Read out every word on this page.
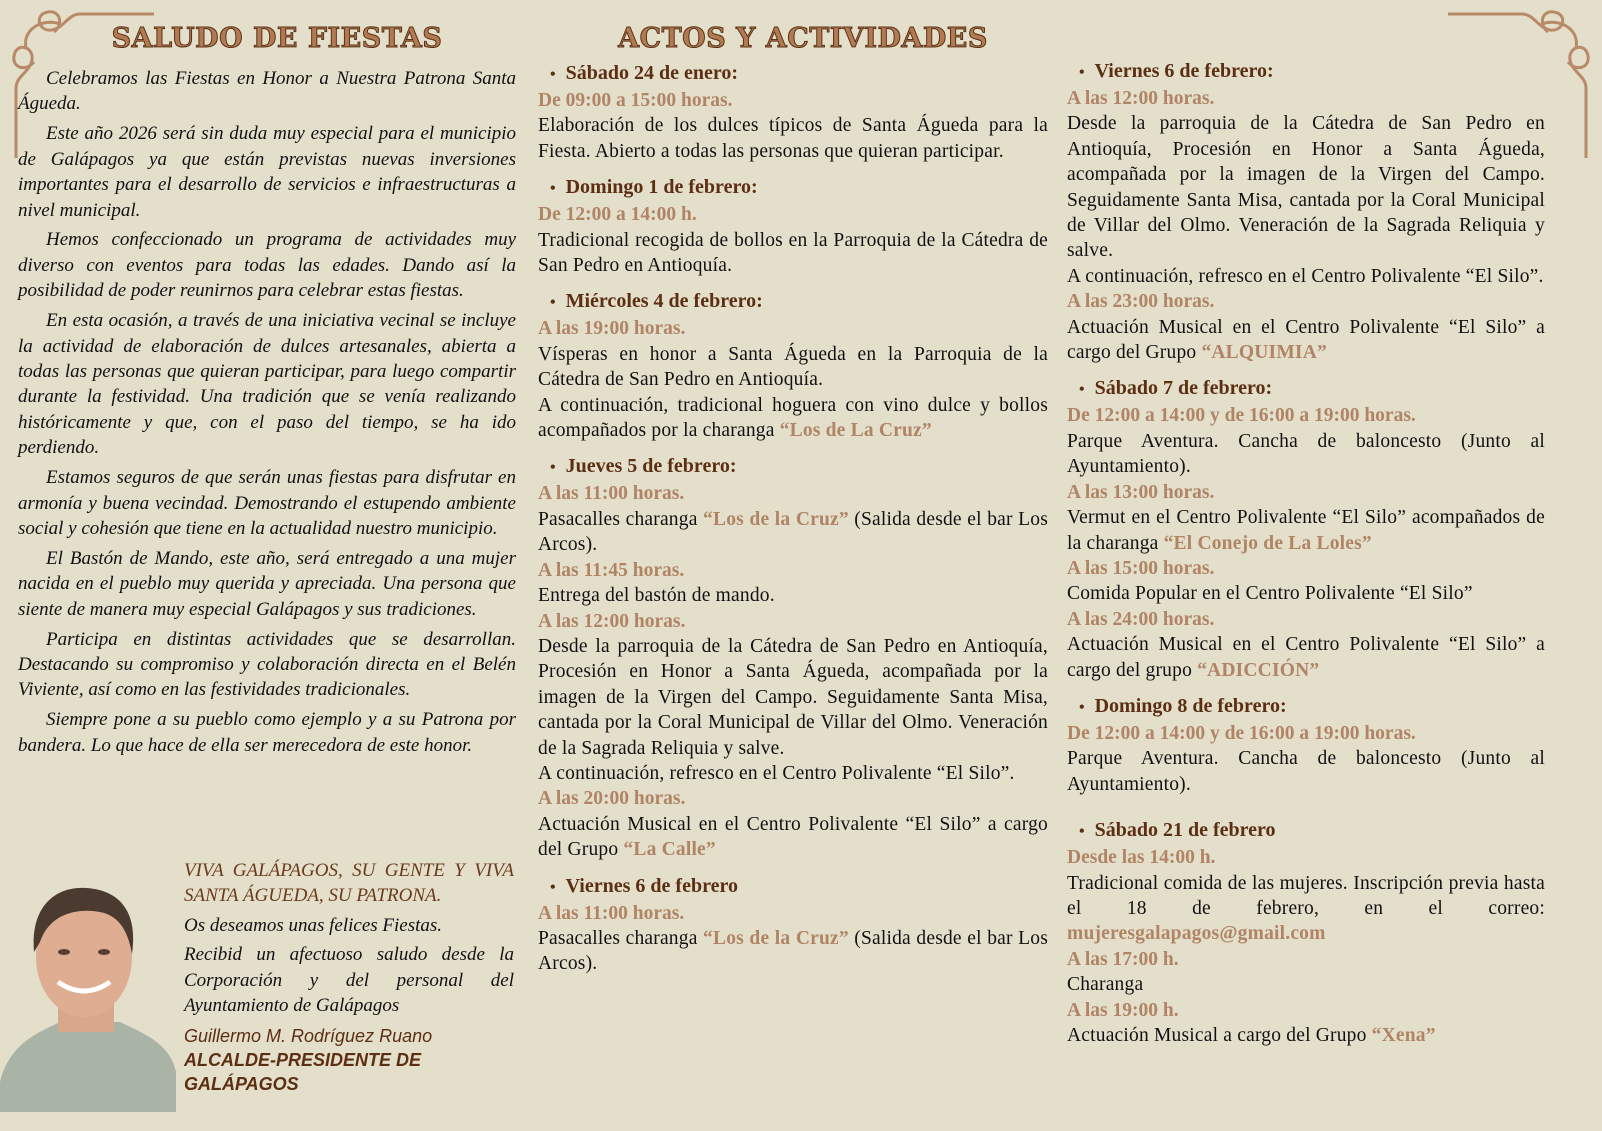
SALUDO DE FIESTAS

Celebramos las Fiestas en Honor a Nuestra Patrona Santa Águeda.

Este año 2026 será sin duda muy especial para el municipio de Galápagos ya que están previstas nuevas inversiones importantes para el desarrollo de servicios e infraestructuras a nivel municipal.

Hemos confeccionado un programa de actividades muy diverso con eventos para todas las edades. Dando así la posibilidad de poder reunirnos para celebrar estas fiestas.

En esta ocasión, a través de una iniciativa vecinal se incluye la actividad de elaboración de dulces artesanales, abierta a todas las personas que quieran participar, para luego compartir durante la festividad. Una tradición que se venía realizando históricamente y que, con el paso del tiempo, se ha ido perdiendo.

Estamos seguros de que serán unas fiestas para disfrutar en armonía y buena vecindad. Demostrando el estupendo ambiente social y cohesión que tiene en la actualidad nuestro municipio.

El Bastón de Mando, este año, será entregado a una mujer nacida en el pueblo muy querida y apreciada. Una persona que siente de manera muy especial Galápagos y sus tradiciones.

Participa en distintas actividades que se desarrollan. Destacando su compromiso y colaboración directa en el Belén Viviente, así como en las festividades tradicionales.

Siempre pone a su pueblo como ejemplo y a su Patrona por bandera. Lo que hace de ella ser merecedora de este honor.

VIVA GALÁPAGOS, SU GENTE Y VIVA SANTA ÁGUEDA, SU PATRONA.

Os deseamos unas felices Fiestas.

Recibid un afectuoso saludo desde la Corporación y del personal del Ayuntamiento de Galápagos

Guillermo M. Rodríguez Ruano
ALCALDE-PRESIDENTE DE GALÁPAGOS
ACTOS Y ACTIVIDADES
• Sábado 24 de enero:
De 09:00 a 15:00 horas.
Elaboración de los dulces típicos de Santa Águeda para la Fiesta. Abierto a todas las personas que quieran participar.
• Domingo 1 de febrero:
De 12:00 a 14:00 h.
Tradicional recogida de bollos en la Parroquia de la Cátedra de San Pedro en Antioquía.
• Miércoles 4 de febrero:
A las 19:00 horas.
Vísperas en honor a Santa Águeda en la Parroquia de la Cátedra de San Pedro en Antioquía.
A continuación, tradicional hoguera con vino dulce y bollos acompañados por la charanga “Los de La Cruz”
• Jueves 5 de febrero:
A las 11:00 horas.
Pasacalles charanga “Los de la Cruz” (Salida desde el bar Los Arcos).
A las 11:45 horas.
Entrega del bastón de mando.
A las 12:00 horas.
Desde la parroquia de la Cátedra de San Pedro en Antioquía, Procesión en Honor a Santa Águeda, acompañada por la imagen de la Virgen del Campo. Seguidamente Santa Misa, cantada por la Coral Municipal de Villar del Olmo. Veneración de la Sagrada Reliquia y salve.
A continuación, refresco en el Centro Polivalente “El Silo”.
A las 20:00 horas.
Actuación Musical en el Centro Polivalente “El Silo” a cargo del Grupo “La Calle”
• Viernes 6 de febrero
A las 11:00 horas.
Pasacalles charanga “Los de la Cruz” (Salida desde el bar Los Arcos).
• Viernes 6 de febrero:
A las 12:00 horas.
Desde la parroquia de la Cátedra de San Pedro en Antioquía, Procesión en Honor a Santa Águeda, acompañada por la imagen de la Virgen del Campo. Seguidamente Santa Misa, cantada por la Coral Municipal de Villar del Olmo. Veneración de la Sagrada Reliquia y salve.
A continuación, refresco en el Centro Polivalente “El Silo”.
A las 23:00 horas.
Actuación Musical en el Centro Polivalente “El Silo” a cargo del Grupo “ALQUIMIA”
• Sábado 7 de febrero:
De 12:00 a 14:00 y de 16:00 a 19:00 horas.
Parque Aventura. Cancha de baloncesto (Junto al Ayuntamiento).
A las 13:00 horas.
Vermut en el Centro Polivalente “El Silo” acompañados de la charanga “El Conejo de La Loles”
A las 15:00 horas.
Comida Popular en el Centro Polivalente “El Silo”
A las 24:00 horas.
Actuación Musical en el Centro Polivalente “El Silo” a cargo del grupo “ADICCIÓN”
• Domingo 8 de febrero:
De 12:00 a 14:00 y de 16:00 a 19:00 horas.
Parque Aventura. Cancha de baloncesto (Junto al Ayuntamiento).
• Sábado 21 de febrero
Desde las 14:00 h.
Tradicional comida de las mujeres. Inscripción previa hasta el 18 de febrero, en el correo: mujeresgalapagos@gmail.com
A las 17:00 h.
Charanga
A las 19:00 h.
Actuación Musical a cargo del Grupo “Xena”
